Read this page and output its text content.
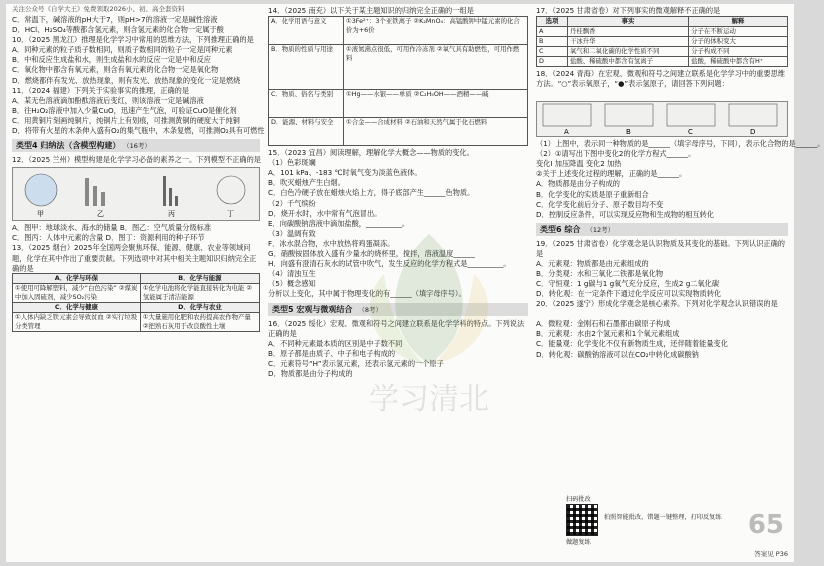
关注公众号《自学大王》免费领取2026小、初、高全套资料
C．常温下，碱溶液的pH大于7，则pH>7的溶液一定是碱性溶液
D．HCl、H₂SO₄等酸都含氢元素，则含氢元素的化合物一定属于酸
10．（2025 黑龙江）推理是化学学习中常用的思维方法，下列推理正确的是
A．同种元素的粒子质子数相同，则质子数相同的粒子一定是同种元素
B．中和反应生成盐和水，则生成盐和水的反应一定是中和反应
C．氧化物中都含有氧元素，则含有氧元素的化合物一定是氧化物
D．燃烧都伴有发光、放热现象，则有发光、放热现象的变化一定是燃烧
11．（2024 福建）下列关于实验事实的推理，正确的是
A．某无色溶液滴加酚酞溶液后变红，则该溶液一定是碱溶液
B．往H₂O₂溶液中加入少量CuO，迅速产生气泡，可验证CuO是催化剂
C．用黄铜片刻画纯铜片，纯铜片上有划痕，可推测黄铜的硬度大于纯铜
D．将带有火星的木条伸入盛有O₂的集气瓶中，木条复燃，可推测O₂具有可燃性
类型4 归纳法（含模型构建） （16考）
12．（2025 兰州）模型构建是化学学习必备的素养之一。下列模型不正确的是
甲	乙	丙	丁
A．图甲：地球淡水、海水的储量 B．图乙：空气质量分级标准
C．图丙：人体中元素的含量 D．图丁：资源利用的种子环节
13．（2025 烟台）2025年全国两会聚焦环保、能源、健康、农业等领域问题，化学在其中作出了重要贡献。下列选项中对其中相关主题知识归纳完全正确的是
A．化学与环保	B．化学与能源
①使用可降解塑料，减少“白色污染” ②煤炭中加入固硫剂，减少SO₂污染	①化学电池将化学能直接转化为电能 ②氢能属于清洁能源
C．化学与健康	D．化学与农业
①人体内缺乏铁元素会导致贫血 ②实行垃圾分类管理	①大量施用化肥和农药提高农作物产量 ②把熟石灰用于改良酸性土壤
14．（2025 南充）以下关于某主题知识的归纳完全正确的一组是
A．化学用语与意义	①3Fe²⁺：3个亚铁离子 ②K₂MnO₄：高锰酸钾中锰元素的化合价为+6价
B．物质的性质与用途	①液氮沸点很低，可用作冷冻剂 ②氧气具有助燃性，可用作燃料
C．物质、俗名与类别	①Hg——水银——单质 ②C₂H₅OH——酒精——碱
D．能源、材料与安全	①合金——合成材料 ②石油和天然气属于化石燃料
15．（2023 宜昌）阅读理解，理解化学大概念——物质的变化。
（1）色彩斑斓
A．101 kPa、-183 ℃时氧气变为淡蓝色液体。
B．吹灭蜡烛产生白烟。
C．白色冷硬子放在蜡烛火焰上方，得子底部产生______色物质。
（2）千气缤纷
D．烧开水时，水中常有气泡冒出。
E．向碳酸钠溶液中滴加盐酸，__________。
（3）温阔有致
F．冰水混合物，水中放热将鸡蛋凝冻。
G．硝酸铵固体放入盛有少量水的烧杯里，搅拌，溶液温度______
H．向盛有澄清石灰水的试管中吹气，发生反应的化学方程式是__________。
（4）清浊互生
（5）概念感知
分析以上变化，其中属于物理变化的有______（填字母序号）。
类型5 宏观与微观结合 （8考）
16．（2025 绥化）宏观、微观和符号之间建立联系是化学学科的特点。下列说法正确的是
A．不同种元素最本质的区别是中子数不同
B．原子都是由质子、中子和电子构成的
C．元素符号“H”表示氢元素，还表示氢元素的一个原子
D．物质都是由分子构成的
17．（2025 甘肃省卷）对下列事实的微观解释不正确的是
选项	事实	解释
A	丹桂飘香	分子在不断运动
B	干冰升华	分子的体积变大
C	氧气和二氧化碳的化学性质不同	分子构成不同
D	盐酸、稀硫酸中都含有氢离子	盐酸，稀硫酸中都含有H⁺
18．（2024 青海）在宏观、微观和符号之间建立联系是化学学习中的重要思维方法。“○”表示氧原子，“●”表示氢原子，请回答下列问题：
A	B	C	D
（1）上图中，表示同一种物质的是______（填字母序号，下同），表示化合物的是______。
（2）①请写出下图中变化2的化学方程式______。
变化Ⅰ 加压降温 变化2 加热
②关于上述变化过程的理解，正确的是______。
A．物质都是由分子构成的
B．化学变化的实质是原子重新组合
C．化学变化前后分子、原子数目均不变
D．控制反应条件，可以实现反应物和生成物的相互转化
类型6 综合 （12考）
19．（2025 甘肃省卷）化学观念是认识物质及其变化的基础。下列认识正确的是
A．元素观：物质都是由元素组成的
B．分类观：水和三氧化二铁都是氧化物
C．守恒观：1 g碳与1 g氧气充分反应，生成2 g二氧化碳
D．转化观：在一定条件下通过化学反应可以实现物质转化
20．（2025 遂宁）形成化学观念是核心素养。下列对化学观念认识错误的是
A．微粒观：金刚石和石墨都由碳原子构成
B．元素观：水由2个氢元素和1个氧元素组成
C．能量观：化学变化不仅有新物质生成，还伴随着能量变化
D．转化观：碳酸钠溶液可以在CO₂中转化成碳酸钠
学习清北
扫码批改
拍照智能批改，错题一键整理，打印反复练
做题复练
65
答案见 P36
